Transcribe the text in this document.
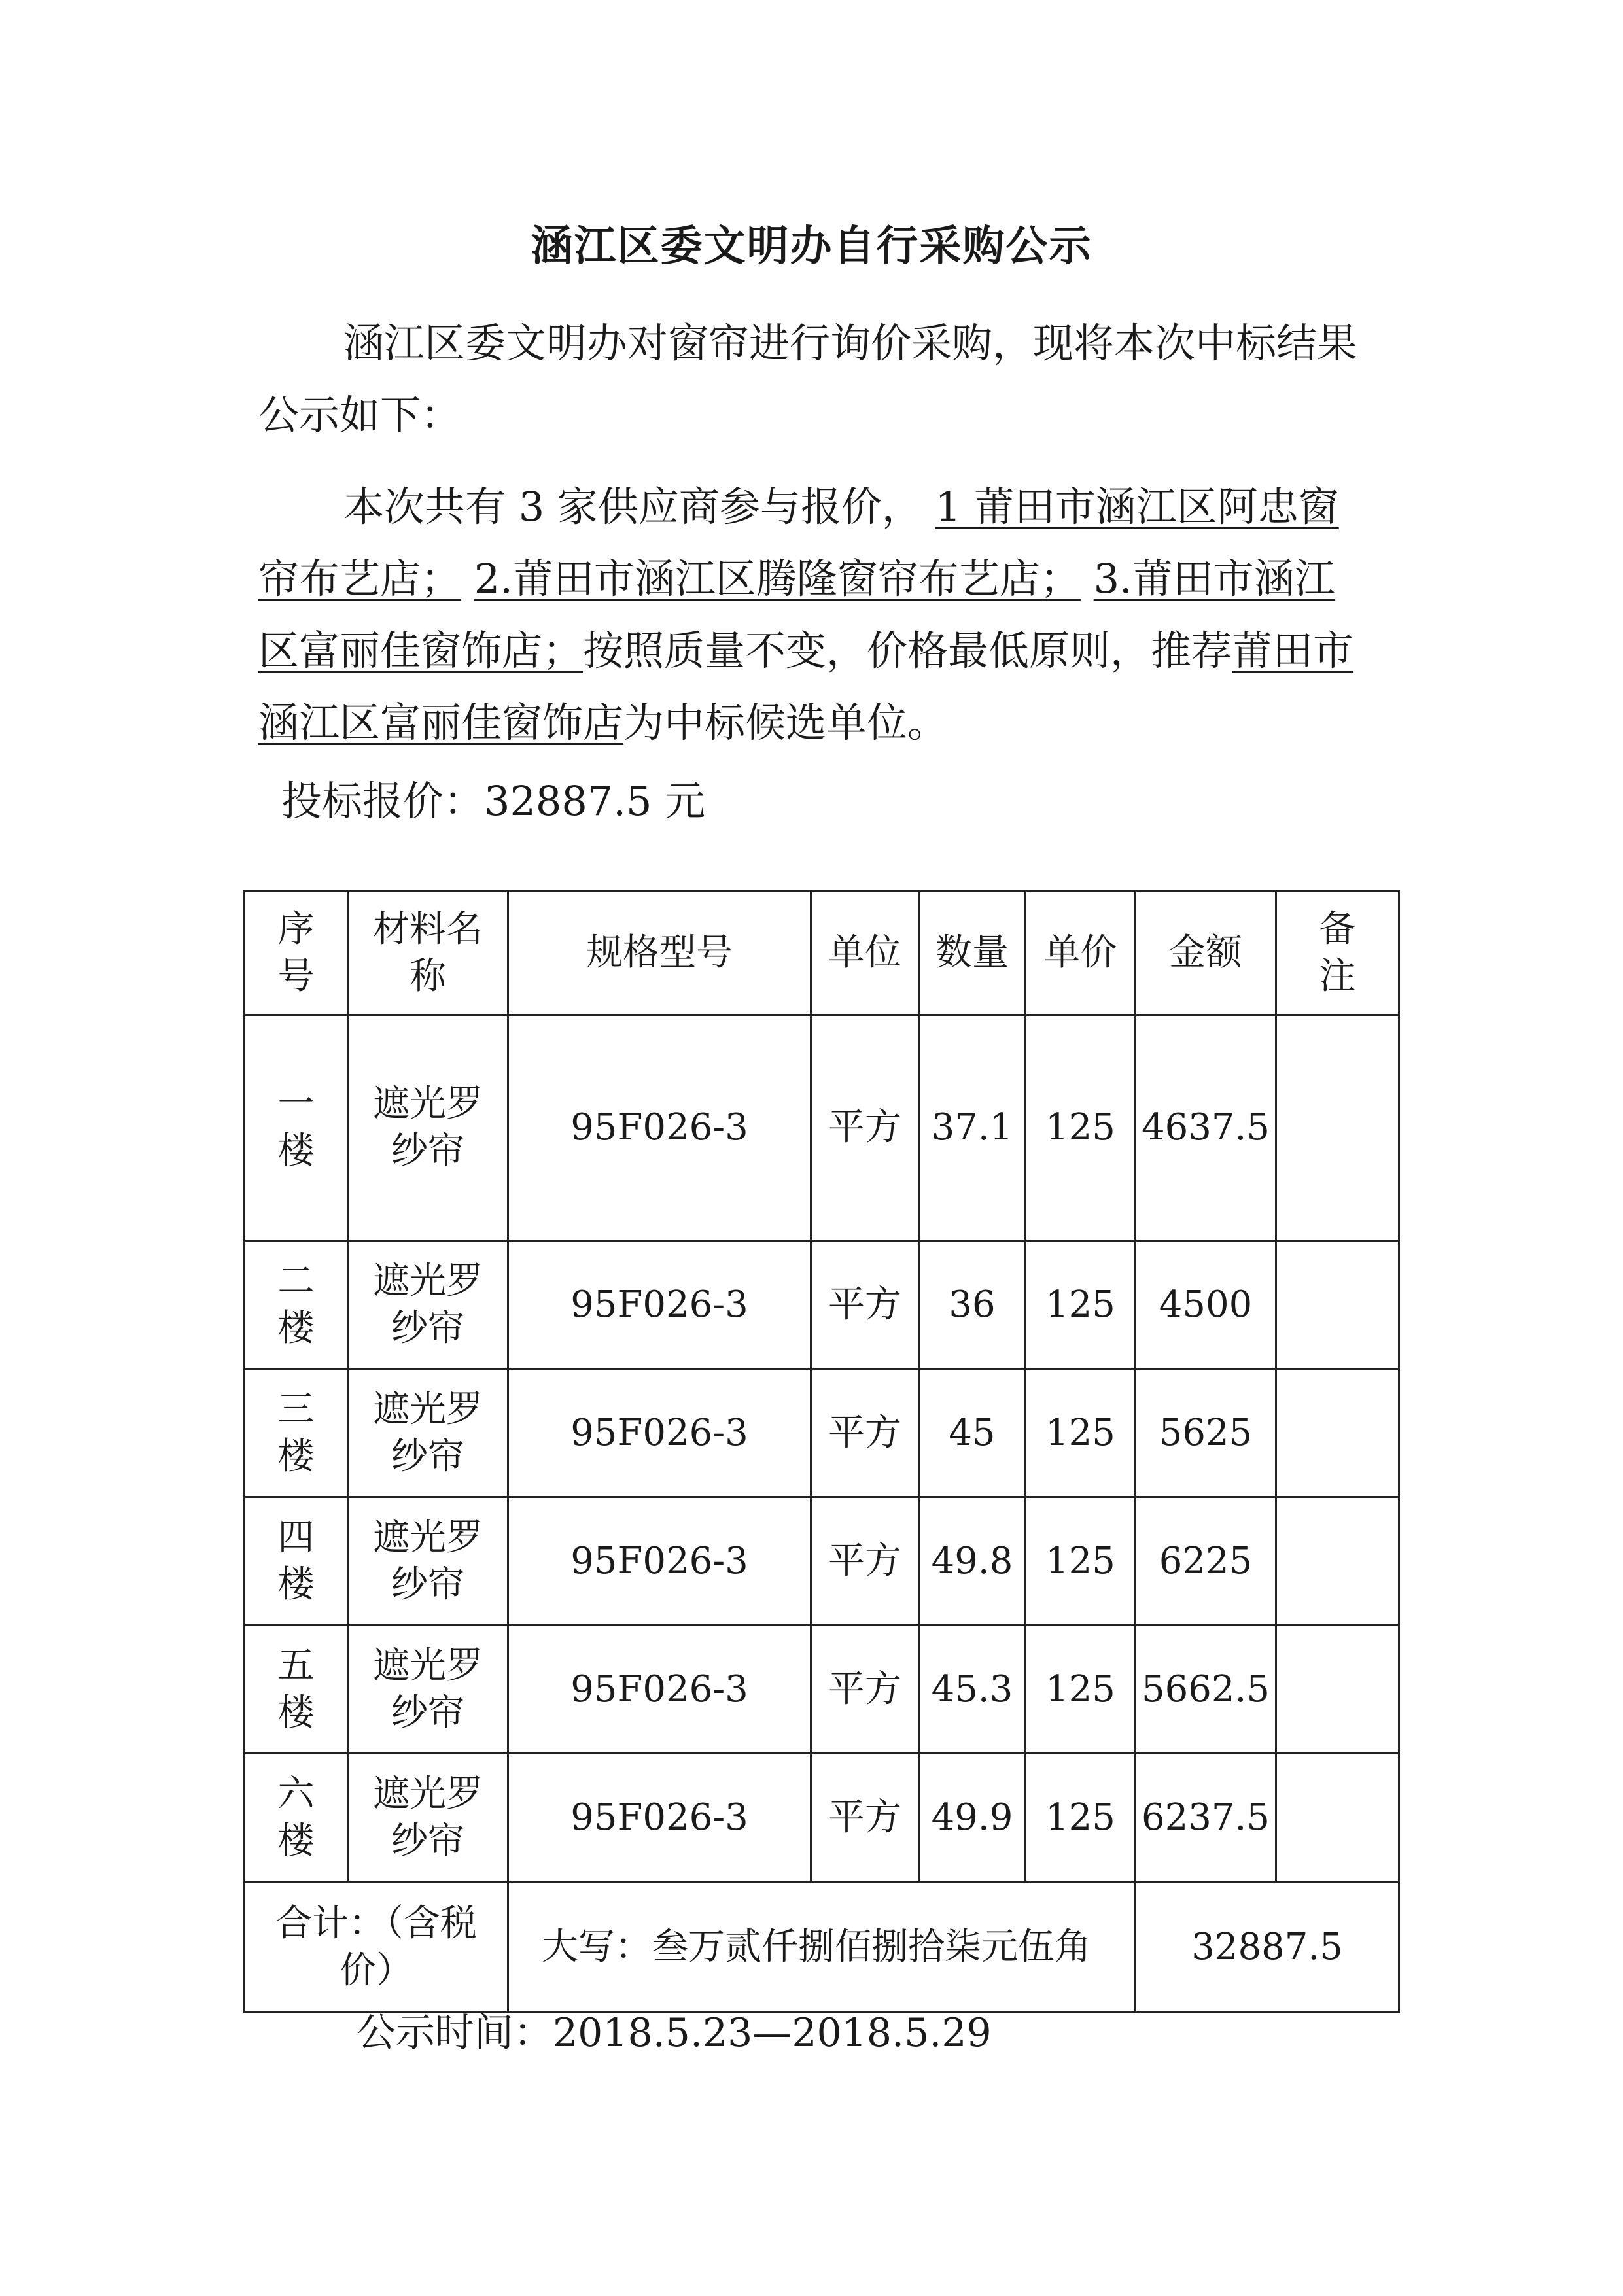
涵江区委文明办自行采购公示
涵江区委文明办对窗帘进行询价采购，现将本次中标结果公示如下：
本次共有 3 家供应商参与报价， 1 莆田市涵江区阿忠窗帘布艺店； 2.莆田市涵江区腾隆窗帘布艺店； 3.莆田市涵江区富丽佳窗饰店；按照质量不变，价格最低原则，推荐莆田市涵江区富丽佳窗饰店为中标候选单位。
投标报价：32887.5 元
序号	材料名称	规格型号	单位	数量	单价	金额	备注
一楼	遮光罗纱帘	95F026-3	平方	37.1	125	4637.5	
二楼	遮光罗纱帘	95F026-3	平方	36	125	4500	
三楼	遮光罗纱帘	95F026-3	平方	45	125	5625	
四楼	遮光罗纱帘	95F026-3	平方	49.8	125	6225	
五楼	遮光罗纱帘	95F026-3	平方	45.3	125	5662.5	
六楼	遮光罗纱帘	95F026-3	平方	49.9	125	6237.5	
合计：（含税价）		大写：叁万贰仟捌佰捌拾柒元伍角				32887.5	
公示时间：2018.5.23—2018.5.29
